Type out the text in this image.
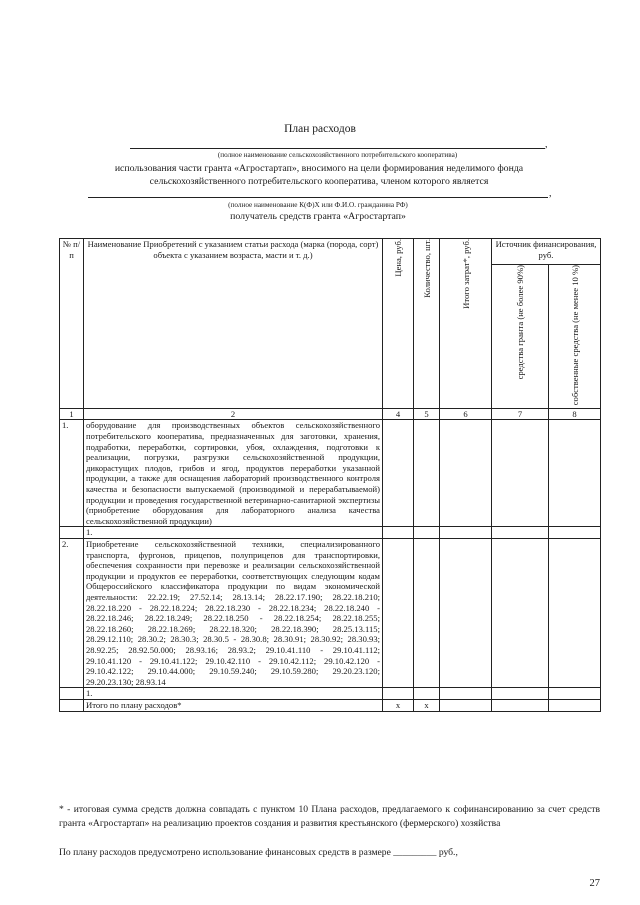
План расходов
,
(полное наименование сельскохозяйственного потребительского кооператива)
использования части гранта «Агростартап», вносимого на цели формирования неделимого фонда сельскохозяйственного потребительского кооператива, членом которого является
,
(полное наименование К(Ф)Х или Ф.И.О. гражданина РФ)
получатель средств гранта «Агростартап»
№ п/п	Наименование Приобретений с указанием статьи расхода (марка (порода, сорт) объекта с указанием возраста, масти и т. д.)	Цена, руб.	Количество, шт.	Итого затрат*, руб.	Источник финансирования, руб.	
					средства гранта (не более 90%)	собственные средства (не менее 10 %)
1	2	4	5	6	7	8
1.	оборудование для производственных объектов сельскохозяйственного потребительского кооператива, предназначенных для заготовки, хранения, подработки, переработки, сортировки, убоя, охлаждения, подготовки к реализации, погрузки, разгрузки сельскохозяйственной продукции, дикорастущих плодов, грибов и ягод, продуктов переработки указанной продукции, а также для оснащения лабораторий производственного контроля качества и безопасности выпускаемой (производимой и перерабатываемой) продукции и проведения государственной ветеринарно-санитарной экспертизы (приобретение оборудования для лабораторного анализа качества сельскохозяйственной продукции)					
	1.					
2.	Приобретение сельскохозяйственной техники, специализированного транспорта, фургонов, прицепов, полуприцепов для транспортировки, обеспечения сохранности при перевозке и реализации сельскохозяйственной продукции и продуктов ее переработки, соответствующих следующим кодам Общероссийского классификатора продукции по видам экономической деятельности: 22.22.19; 27.52.14; 28.13.14; 28.22.17.190; 28.22.18.210; 28.22.18.220 - 28.22.18.224; 28.22.18.230 - 28.22.18.234; 28.22.18.240 - 28.22.18.246; 28.22.18.249; 28.22.18.250 - 28.22.18.254; 28.22.18.255; 28.22.18.260; 28.22.18.269; 28.22.18.320; 28.22.18.390; 28.25.13.115; 28.29.12.110; 28.30.2; 28.30.3; 28.30.5 - 28.30.8; 28.30.91; 28.30.92; 28.30.93; 28.92.25; 28.92.50.000; 28.93.16; 28.93.2; 29.10.41.110 - 29.10.41.112; 29.10.41.120 - 29.10.41.122; 29.10.42.110 - 29.10.42.112; 29.10.42.120 - 29.10.42.122; 29.10.44.000; 29.10.59.240; 29.10.59.280; 29.20.23.120; 29.20.23.130; 28.93.14					
	1.					
	Итого по плану расходов*	x	x			
* - итоговая сумма средств должна совпадать с пунктом 10 Плана расходов, предлагаемого к софинансированию за счет средств гранта «Агростартап» на реализацию проектов создания и развития крестьянского (фермерского) хозяйства
По плану расходов предусмотрено использование финансовых средств в размере _________ руб.,
27
